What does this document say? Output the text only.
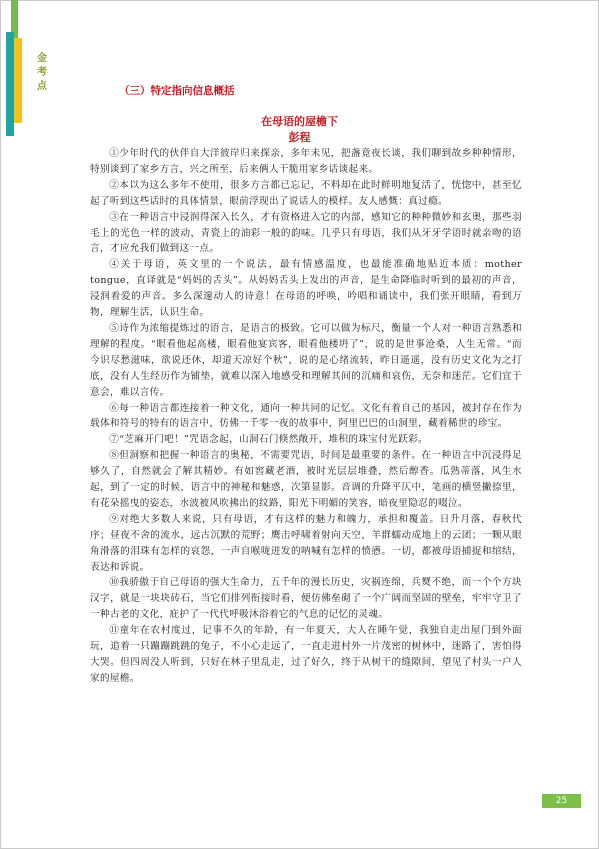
金考点	（三）特定指向信息概括
在母语的屋檐下
彭程

①少年时代的伙伴自大洋彼岸归来探亲，多年未见，把盏竟夜长谈，我们聊到故乡种种情形，特别谈到了家乡方言，兴之所至，后来俩人干脆用家乡话谈起来。

②本以为这么多年不使用，很多方言都已忘记，不料却在此时鲜明地复活了，恍惚中，甚至忆起了听到这些话时的具体情景，眼前浮现出了说话人的模样。友人感慨：真过瘾。

③在一种语言中浸润得深入长久，才有资格进入它的内部，感知它的种种微妙和玄奥，那些羽毛上的光色一样的波动，青瓷上的油彩一般的韵味。几乎只有母语，我们从牙牙学语时就亲吻的语言，才应允我们做到这一点。

④关于母语，英文里的一个说法，最有情感温度，也最能准确地贴近本质：mother tongue，直译就是“妈妈的舌头”。从妈妈舌头上发出的声音，是生命降临时听到的最初的声音，浸润着爱的声音。多么深邃动人的诗意！在母语的呼唤，吟唱和诵读中，我们张开眼睛，看到万物，理解生活，认识生命。

⑤诗作为浓缩提炼过的语言，是语言的极致。它可以做为标尺，衡量一个人对一种语言熟悉和理解的程度。“眼看他起高楼，眼看他宴宾客，眼看他楼坍了”，说的是世事沧桑，人生无常。“而今识尽愁滋味，欲说还休，却道天凉好个秋”，说的是心绪流转，昨日遥遥，没有历史文化为之打底，没有人生经历作为铺垫，就难以深入地感受和理解其间的沉痛和哀伤，无奈和迷茫。它们宜于意会，难以言传。

⑥每一种语言都连接着一种文化，通向一种共同的记忆。文化有着自己的基因，被封存在作为载体和符号的特有的语言中，仿佛一千零一夜的故事中，阿里巴巴的山洞里，藏着稀世的珍宝。

⑦“芝麻开门吧！”咒语念起，山洞石门倏然敞开，堆积的珠宝付光跃彩。

⑧但洞察和把握一种语言的奥秘，不需要咒语，时间是最重要的条件。在一种语言中沉浸得足够久了，自然就会了解其精妙。有如窖藏老酒，被时光层层堆叠，然后醇香。瓜熟蒂落，风生水起，到了一定的时候，语言中的神秘和魅惑，次第显影。音调的升降平仄中，笔画的横竖撇捺里，有花朵摇曳的姿态，水波被风吹拂出的纹路，阳光下明媚的笑容，暗夜里隐忍的啜泣。

⑨对绝大多数人来说，只有母语，才有这样的魅力和魄力，承担和覆盖。日升月落，春秋代序；昼夜不舍的流水，远古沉默的荒野；鹰击呼啸着射向天空，羊群蠕动成地上的云团；一颗从眼角滑落的泪珠有怎样的哀怨，一声自喉咙迸发的呐喊有怎样的愤懑。一切，都被母语捕捉和绾结，表达和诉说。

⑩我骄傲于自己母语的强大生命力，五千年的漫长历史，灾祸连绵，兵燹不绝，而一个个方块汉字，就是一块块砖石，当它们排列衔接时看，便仿佛垒砌了一个广阔而坚固的壁垒，牢牢守卫了一种古老的文化，庇护了一代代呼吸沐浴着它的气息的记忆的灵魂。

⑪童年在农村度过，记事不久的年龄，有一年夏天，大人在睡午觉，我独自走出屋门到外面玩，追着一只蹦蹦跳跳的兔子，不小心走远了，一直走进村外一片茂密的树林中，迷路了，害怕得大哭。但四周没人听到，只好在林子里乱走，过了好久，终于从树干的缝隙间，望见了村头一户人家的屋檐。

25
